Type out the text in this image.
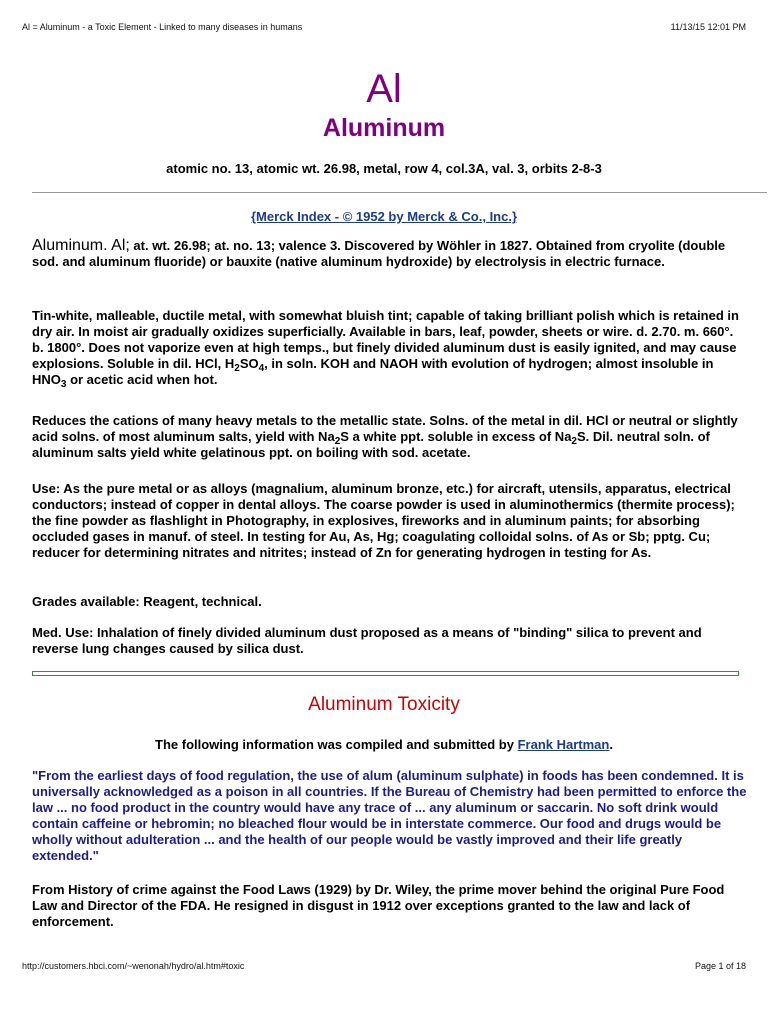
Al = Aluminum - a Toxic Element - Linked to many diseases in humans	11/13/15 12:01 PM
Al
Aluminum
atomic no. 13, atomic wt. 26.98, metal, row 4, col.3A, val. 3, orbits 2-8-3
{Merck Index - © 1952 by Merck & Co., Inc.}

Aluminum. Al; at. wt. 26.98; at. no. 13; valence 3. Discovered by Wöhler in 1827. Obtained from cryolite (double sod. and aluminum fluoride) or bauxite (native aluminum hydroxide) by electrolysis in electric furnace.

Tin-white, malleable, ductile metal, with somewhat bluish tint; capable of taking brilliant polish which is retained in dry air. In moist air gradually oxidizes superficially. Available in bars, leaf, powder, sheets or wire. d. 2.70. m. 660°. b. 1800°. Does not vaporize even at high temps., but finely divided aluminum dust is easily ignited, and may cause explosions. Soluble in dil. HCl, $H_2SO_4$, in soln. KOH and NAOH with evolution of hydrogen; almost insoluble in $HNO_3$ or acetic acid when hot.

Reduces the cations of many heavy metals to the metallic state. Solns. of the metal in dil. HCl or neutral or slightly acid solns. of most aluminum salts, yield with $Na_2S$ a white ppt. soluble in excess of $Na_2S$. Dil. neutral soln. of aluminum salts yield white gelatinous ppt. on boiling with sod. acetate.

Use: As the pure metal or as alloys (magnalium, aluminum bronze, etc.) for aircraft, utensils, apparatus, electrical conductors; instead of copper in dental alloys. The coarse powder is used in aluminothermics (thermite process); the fine powder as flashlight in Photography, in explosives, fireworks and in aluminum paints; for absorbing occluded gases in manuf. of steel. In testing for Au, As, Hg; coagulating colloidal solns. of As or Sb; pptg. Cu; reducer for determining nitrates and nitrites; instead of Zn for generating hydrogen in testing for As.
Grades available: Reagent, technical.
Med. Use: Inhalation of finely divided aluminum dust proposed as a means of "binding" silica to prevent and reverse lung changes caused by silica dust.
Aluminum Toxicity
The following information was compiled and submitted by Frank Hartman.
"From the earliest days of food regulation, the use of alum (aluminum sulphate) in foods has been condemned. It is universally acknowledged as a poison in all countries. If the Bureau of Chemistry had been permitted to enforce the law ... no food product in the country would have any trace of ... any aluminum or saccarin. No soft drink would contain caffeine or hebromin; no bleached flour would be in interstate commerce. Our food and drugs would be wholly without adulteration ... and the health of our people would be vastly improved and their life greatly extended."
From History of crime against the Food Laws (1929) by Dr. Wiley, the prime mover behind the original Pure Food Law and Director of the FDA. He resigned in disgust in 1912 over exceptions granted to the law and lack of enforcement.
http://customers.hbci.com/~wenonah/hydro/al.htm#toxic	Page 1 of 18
